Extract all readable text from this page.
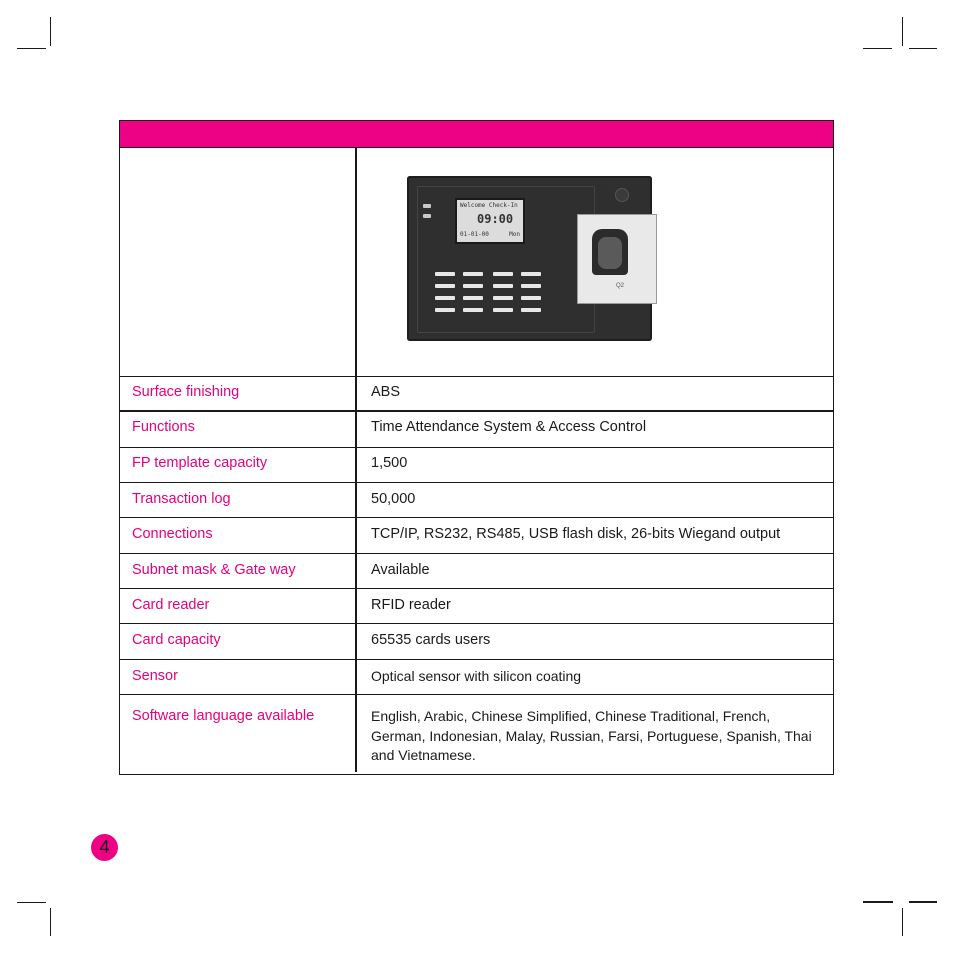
Welcome Check-In
09:00
01-01-00	Mon
Q2
Surface finishing	ABS
Functions	Time Attendance System & Access Control
FP template capacity	1,500
Transaction log	50,000
Connections	TCP/IP, RS232, RS485, USB flash disk, 26-bits Wiegand output
Subnet mask & Gate way	Available
Card reader	RFID reader
Card capacity	65535 cards users
Sensor	Optical sensor with silicon coating
Software language available	English, Arabic, Chinese Simplified, Chinese Traditional, French, German, Indonesian, Malay, Russian, Farsi, Portuguese, Spanish, Thai and Vietnamese.
4
